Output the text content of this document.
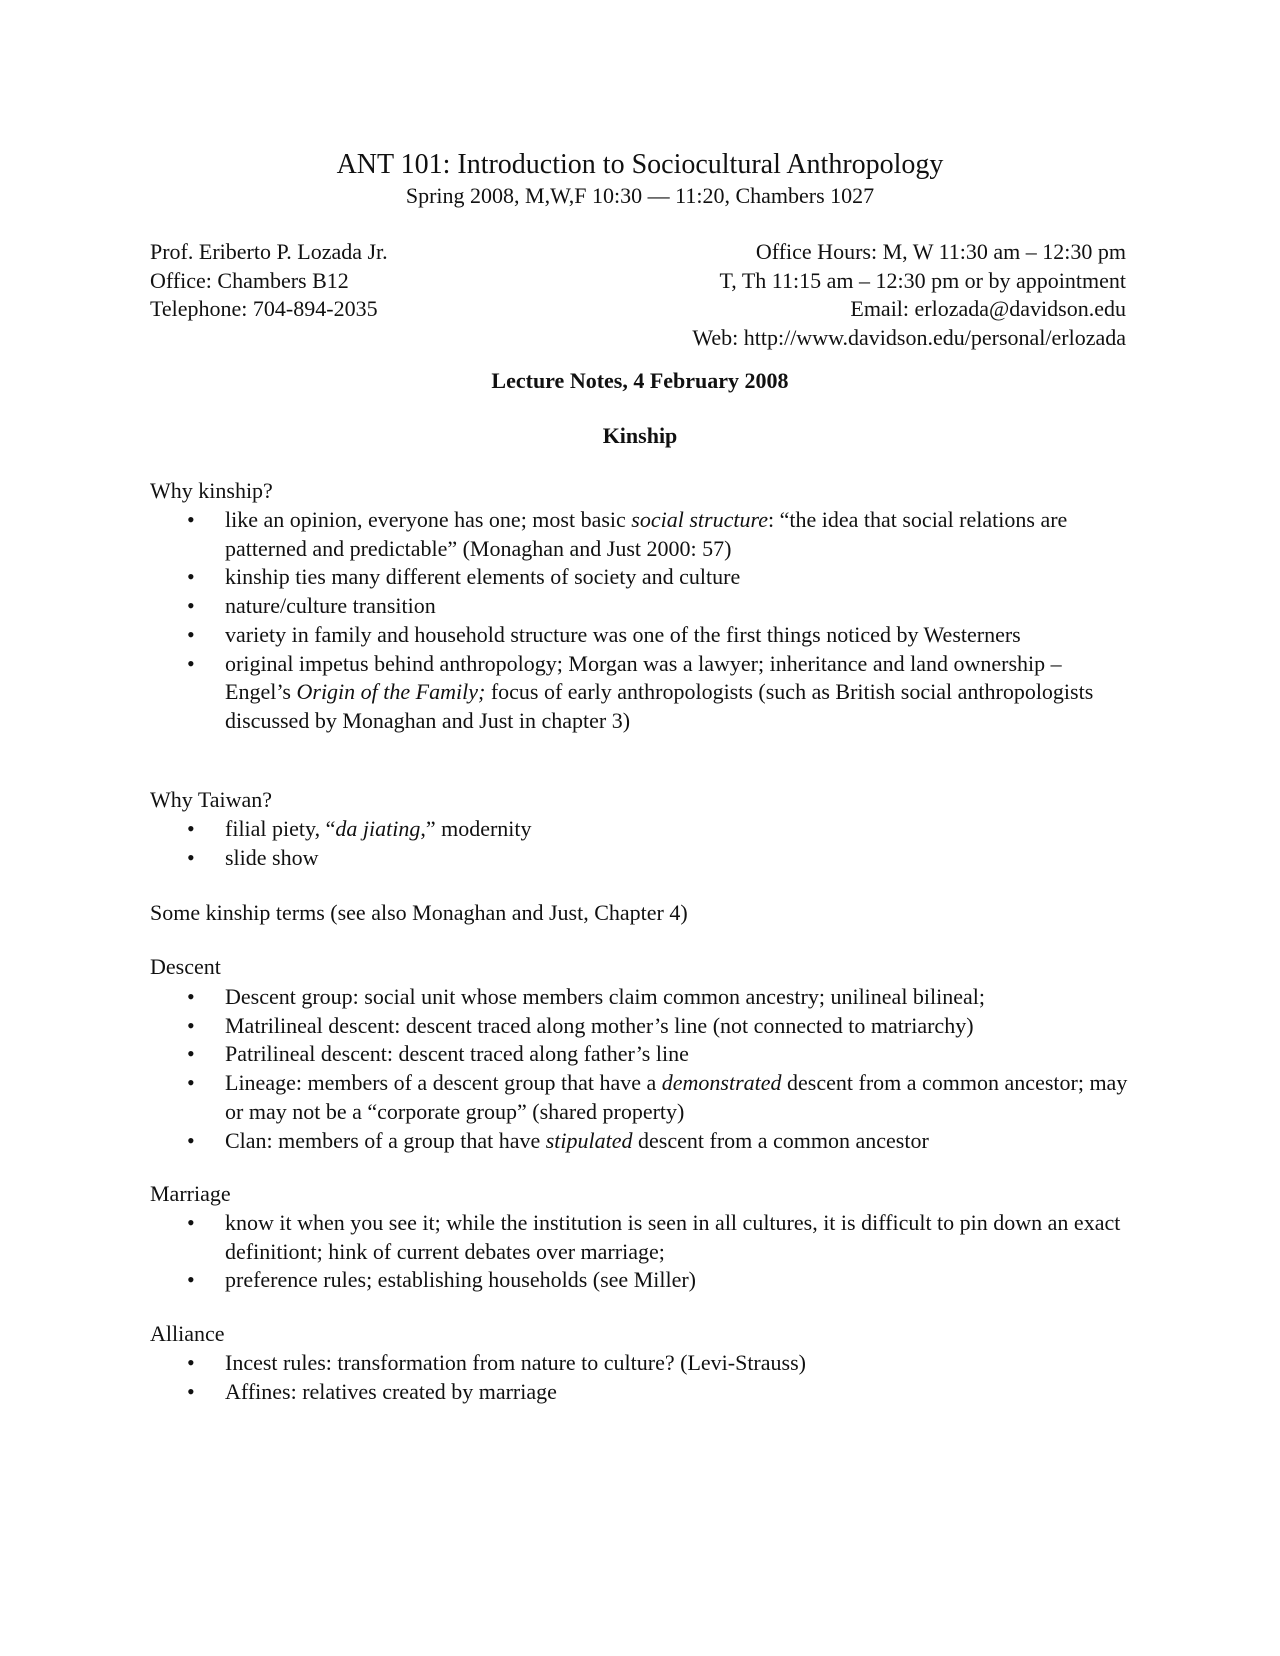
ANT 101: Introduction to Sociocultural Anthropology
Spring 2008, M,W,F 10:30 — 11:20, Chambers 1027
Prof. Eriberto P. Lozada Jr.
Office: Chambers B12
Telephone: 704-894-2035
Office Hours: M, W 11:30 am – 12:30 pm
T, Th 11:15 am – 12:30 pm or by appointment
Email: erlozada@davidson.edu
Web: http://www.davidson.edu/personal/erlozada
Lecture Notes, 4 February 2008
Kinship
Why kinship?
• like an opinion, everyone has one; most basic social structure: “the idea that social relations are patterned and predictable” (Monaghan and Just 2000: 57)
• kinship ties many different elements of society and culture
• nature/culture transition
• variety in family and household structure was one of the first things noticed by Westerners
• original impetus behind anthropology; Morgan was a lawyer; inheritance and land ownership – Engel’s Origin of the Family; focus of early anthropologists (such as British social anthropologists discussed by Monaghan and Just in chapter 3)
Why Taiwan?
• filial piety, “da jiating,” modernity
• slide show
Some kinship terms (see also Monaghan and Just, Chapter 4)
Descent
• Descent group: social unit whose members claim common ancestry; unilineal bilineal;
• Matrilineal descent: descent traced along mother’s line (not connected to matriarchy)
• Patrilineal descent: descent traced along father’s line
• Lineage: members of a descent group that have a demonstrated descent from a common ancestor; may or may not be a “corporate group” (shared property)
• Clan: members of a group that have stipulated descent from a common ancestor
Marriage
• know it when you see it; while the institution is seen in all cultures, it is difficult to pin down an exact definitiont; hink of current debates over marriage;
• preference rules; establishing households (see Miller)
Alliance
• Incest rules: transformation from nature to culture? (Levi-Strauss)
• Affines: relatives created by marriage
